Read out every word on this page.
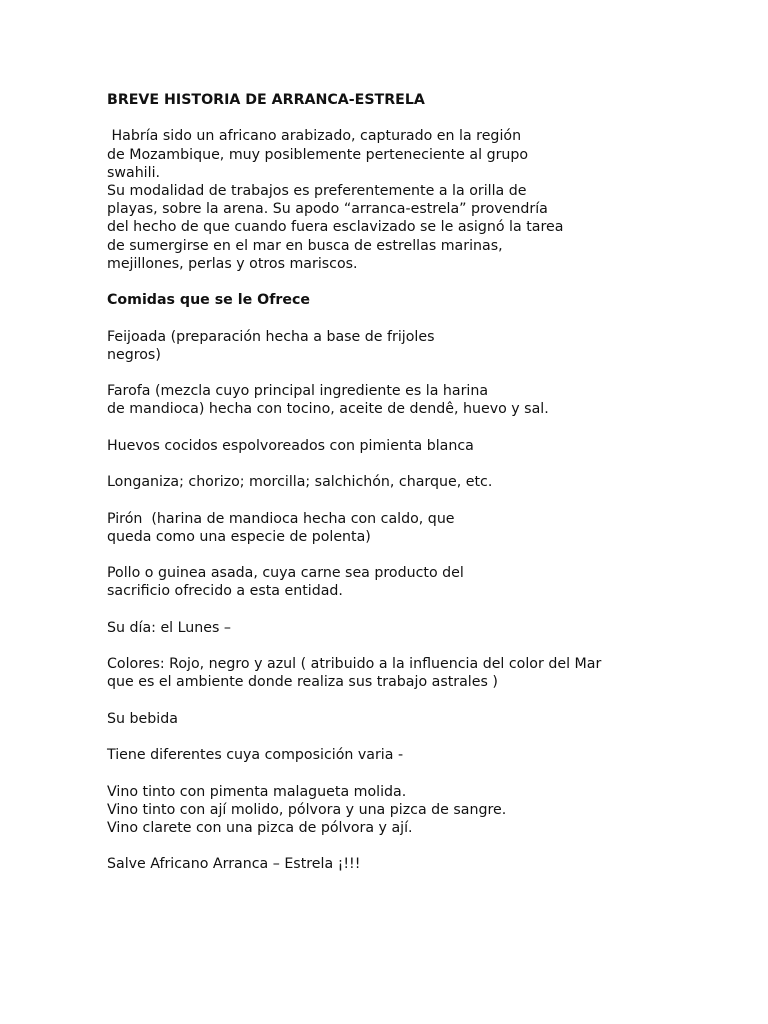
BREVE HISTORIA DE ARRANCA-ESTRELA

Habría sido un africano arabizado, capturado en la región
de Mozambique, muy posiblemente perteneciente al grupo
swahili.
Su modalidad de trabajos es preferentemente a la orilla de
playas, sobre la arena. Su apodo “arranca-estrela” provendría
del hecho de que cuando fuera esclavizado se le asignó la tarea
de sumergirse en el mar en busca de estrellas marinas,
mejillones, perlas y otros mariscos.

Comidas que se le Ofrece

Feijoada (preparación hecha a base de frijoles
negros)

Farofa (mezcla cuyo principal ingrediente es la harina
de mandioca) hecha con tocino, aceite de dendê, huevo y sal.

Huevos cocidos espolvoreados con pimienta blanca

Longaniza; chorizo; morcilla; salchichón, charque, etc.

Pirón  (harina de mandioca hecha con caldo, que
queda como una especie de polenta)

Pollo o guinea asada, cuya carne sea producto del
sacrificio ofrecido a esta entidad.

Su día: el Lunes –

Colores: Rojo, negro y azul ( atribuido a la influencia del color del Mar
que es el ambiente donde realiza sus trabajo astrales )

Su bebida

Tiene diferentes cuya composición varia -

Vino tinto con pimenta malagueta molida.
Vino tinto con ají molido, pólvora y una pizca de sangre.
Vino clarete con una pizca de pólvora y ají.

Salve Africano Arranca – Estrela ¡!!!
